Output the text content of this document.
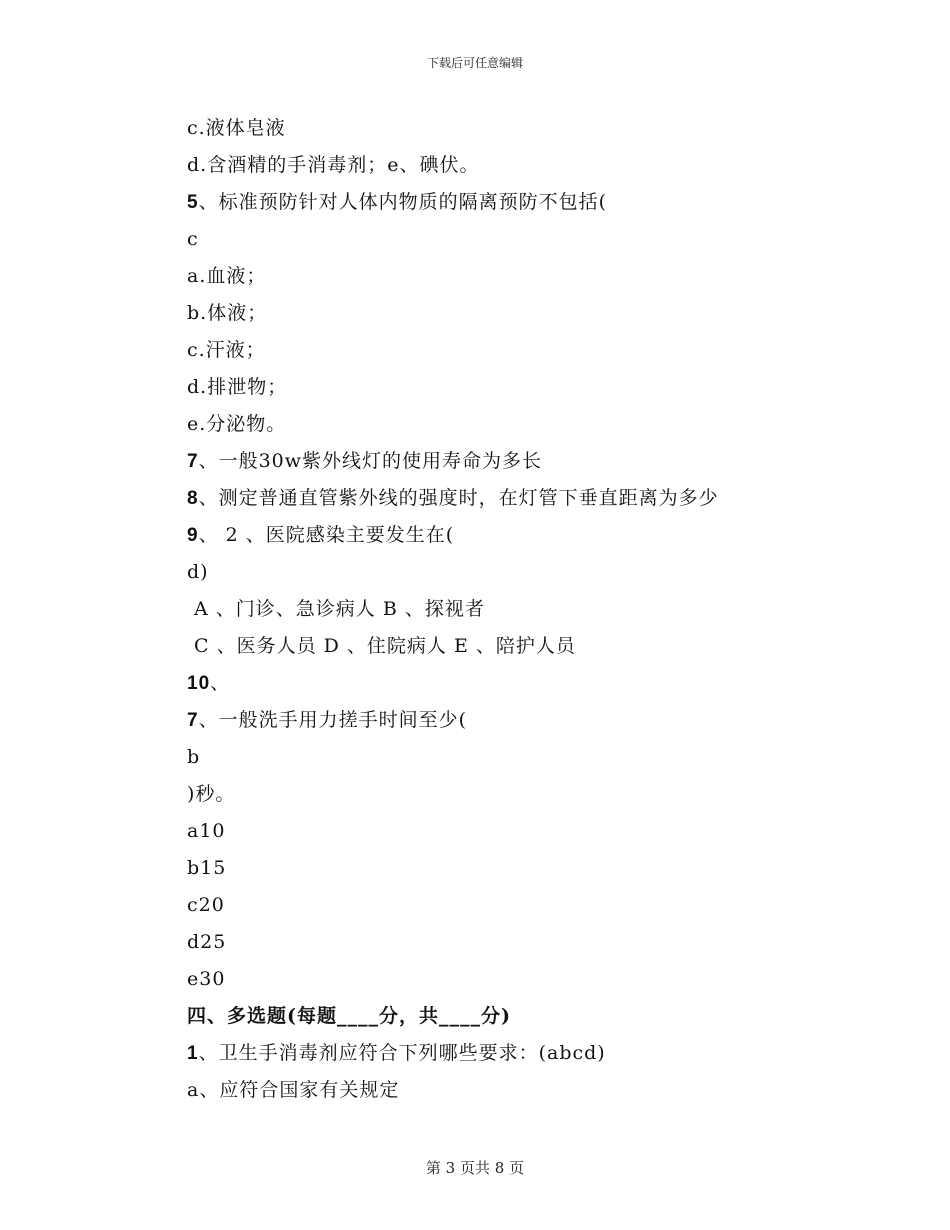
下载后可任意编辑
c.液体皂液
d.含酒精的手消毒剂；e、碘伏。
5、标准预防针对人体内物质的隔离预防不包括(
c
a.血液；
b.体液；
c.汗液；
d.排泄物；
e.分泌物。
7、一般30w紫外线灯的使用寿命为多长
8、测定普通直管紫外线的强度时，在灯管下垂直距离为多少
9、 2 、医院感染主要发生在(
d)
A 、门诊、急诊病人 B 、探视者
C 、医务人员 D 、住院病人 E 、陪护人员
10、
7、一般洗手用力搓手时间至少(
b
)秒。
a10
b15
c20
d25
e30
四、多选题(每题____分，共____分)
1、卫生手消毒剂应符合下列哪些要求：(abcd)
a、应符合国家有关规定
第 3 页共 8 页
